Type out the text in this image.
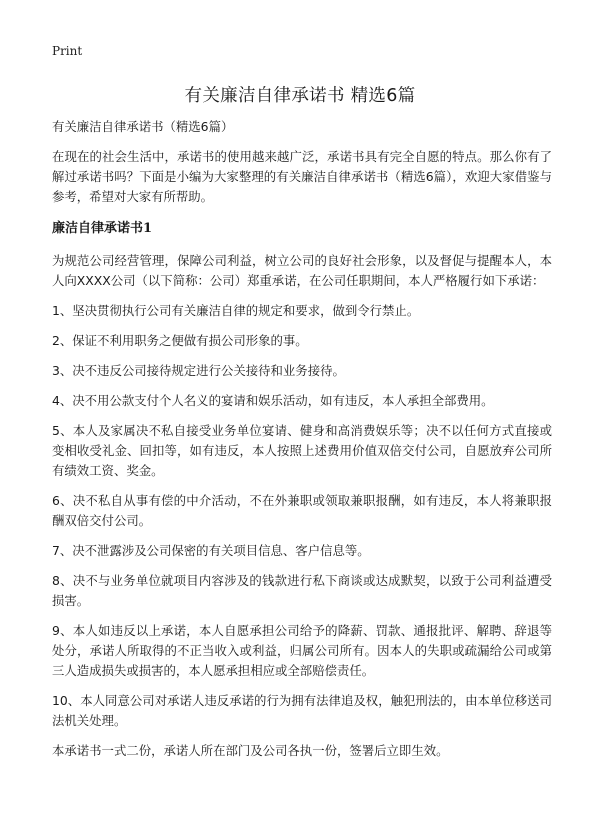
Print
有关廉洁自律承诺书 精选6篇

有关廉洁自律承诺书（精选6篇）

在现在的社会生活中，承诺书的使用越来越广泛，承诺书具有完全自愿的特点。那么你有了解过承诺书吗？下面是小编为大家整理的有关廉洁自律承诺书（精选6篇），欢迎大家借鉴与参考，希望对大家有所帮助。

廉洁自律承诺书1

为规范公司经营管理，保障公司利益，树立公司的良好社会形象，以及督促与提醒本人，本人向XXXX公司（以下简称：公司）郑重承诺，在公司任职期间，本人严格履行如下承诺：

1、坚决贯彻执行公司有关廉洁自律的规定和要求，做到令行禁止。

2、保证不利用职务之便做有损公司形象的事。

3、决不违反公司接待规定进行公关接待和业务接待。

4、决不用公款支付个人名义的宴请和娱乐活动，如有违反，本人承担全部费用。

5、本人及家属决不私自接受业务单位宴请、健身和高消费娱乐等；决不以任何方式直接或变相收受礼金、回扣等，如有违反，本人按照上述费用价值双倍交付公司，自愿放弃公司所有绩效工资、奖金。

6、决不私自从事有偿的中介活动，不在外兼职或领取兼职报酬，如有违反，本人将兼职报酬双倍交付公司。

7、决不泄露涉及公司保密的有关项目信息、客户信息等。

8、决不与业务单位就项目内容涉及的钱款进行私下商谈或达成默契，以致于公司利益遭受损害。

9、本人如违反以上承诺，本人自愿承担公司给予的降薪、罚款、通报批评、解聘、辞退等处分，承诺人所取得的不正当收入或利益，归属公司所有。因本人的失职或疏漏给公司或第三人造成损失或损害的，本人愿承担相应或全部赔偿责任。

10、本人同意公司对承诺人违反承诺的行为拥有法律追及权，触犯刑法的，由本单位移送司法机关处理。

本承诺书一式二份，承诺人所在部门及公司各执一份，签署后立即生效。
